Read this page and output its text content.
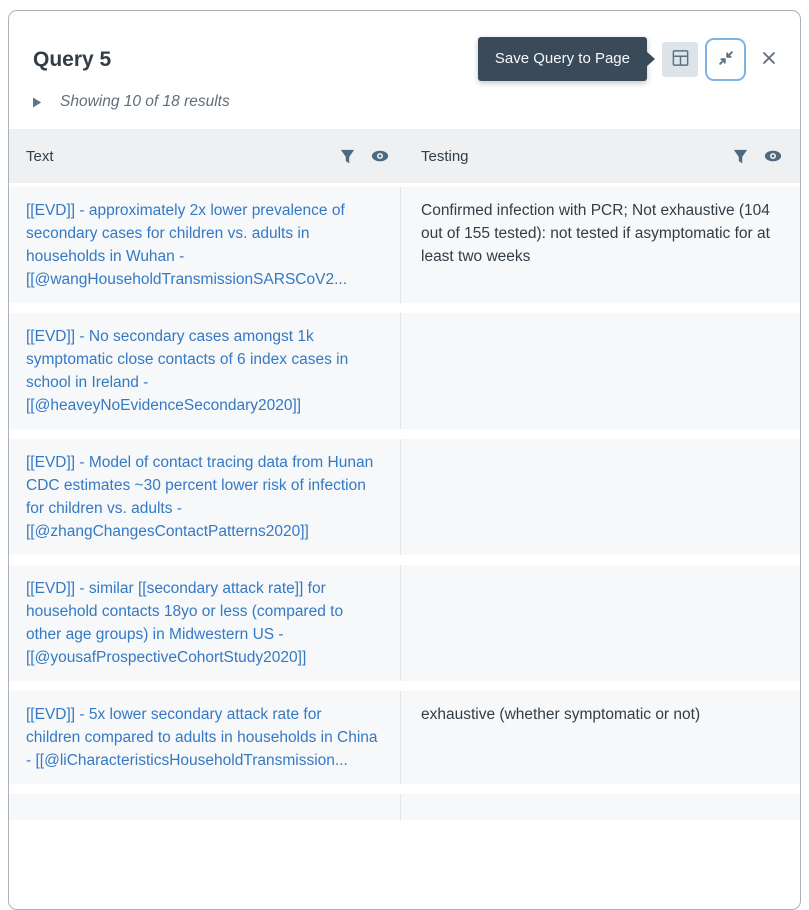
Query 5	Save Query to Page
Showing 10 of 18 results
Text	Testing
[[EVD]] - approximately 2x lower prevalence of secondary cases for children vs. adults in households in Wuhan - [[@wangHouseholdTransmissionSARSCoV2...
Confirmed infection with PCR; Not exhaustive (104 out of 155 tested): not tested if asymptomatic for at least two weeks
[[EVD]] - No secondary cases amongst 1k symptomatic close contacts of 6 index cases in school in Ireland - [[@heaveyNoEvidenceSecondary2020]]
[[EVD]] - Model of contact tracing data from Hunan CDC estimates ~30 percent lower risk of infection for children vs. adults - [[@zhangChangesContactPatterns2020]]
[[EVD]] - similar [[secondary attack rate]] for household contacts 18yo or less (compared to other age groups) in Midwestern US - [[@yousafProspectiveCohortStudy2020]]
[[EVD]] - 5x lower secondary attack rate for children compared to adults in households in China - [[@liCharacteristicsHouseholdTransmission...
exhaustive (whether symptomatic or not)
